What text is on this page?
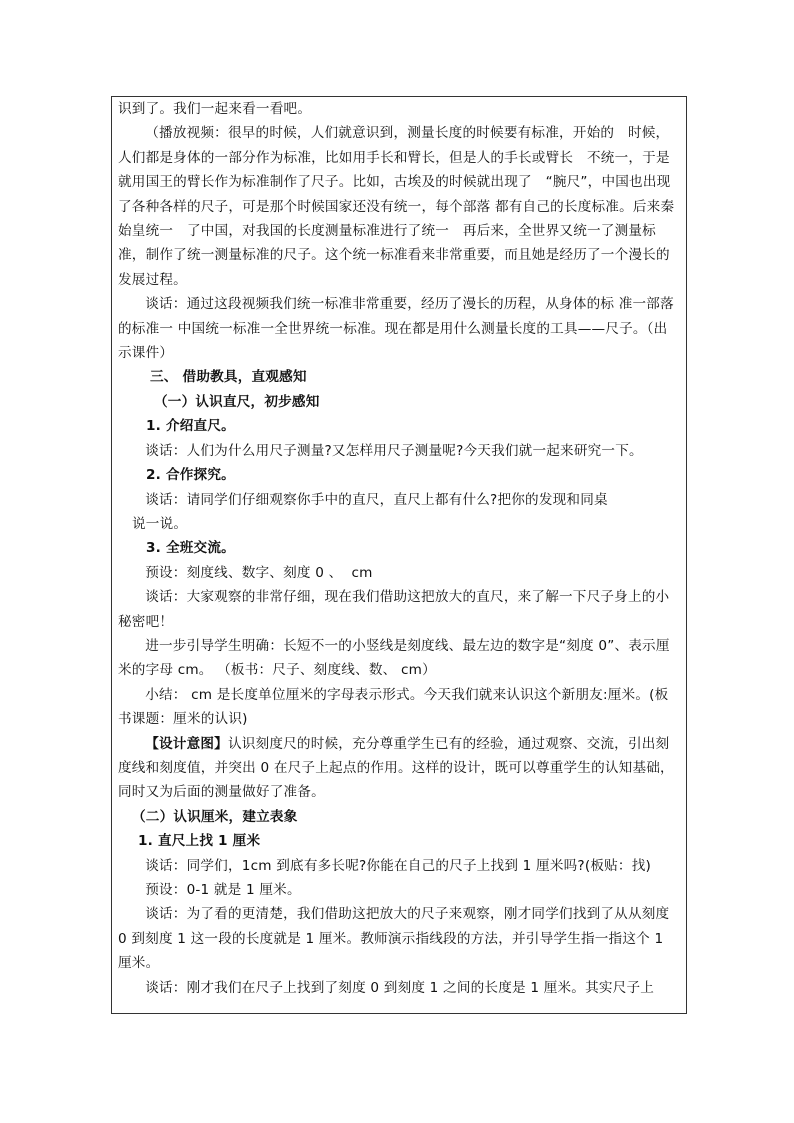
识到了。我们一起来看一看吧。

（播放视频：很早的时候，人们就意识到，测量长度的时候要有标准，开始的　时候，人们都是身体的一部分作为标准，比如用手长和臂长，但是人的手长或臂长　不统一，于是就用国王的臂长作为标准制作了尺子。比如，古埃及的时候就出现了　“腕尺”，中国也出现了各种各样的尺子，可是那个时候国家还没有统一，每个部落 都有自己的长度标准。后来秦始皇统一　了中国，对我国的长度测量标准进行了统一　再后来，全世界又统一了测量标准，制作了统一测量标准的尺子。这个统一标准看来非常重要，而且她是经历了一个漫长的发展过程。

谈话：通过这段视频我们统一标准非常重要，经历了漫长的历程，从身体的标 准一部落的标准一 中国统一标准一全世界统一标准。现在都是用什么测量长度的工具——尺子。（出示课件）

三、 借助教具，直观感知

（一）认识直尺，初步感知

1. 介绍直尺。

谈话：人们为什么用尺子测量?又怎样用尺子测量呢?今天我们就一起来研究一下。

2. 合作探究。

谈话：请同学们仔细观察你手中的直尺，直尺上都有什么?把你的发现和同桌

说一说。

3. 全班交流。

预设：刻度线、数字、刻度 0 、  cm

谈话：大家观察的非常仔细，现在我们借助这把放大的直尺，来了解一下尺子身上的小秘密吧！

进一步引导学生明确：长短不一的小竖线是刻度线、最左边的数字是“刻度 0”、表示厘米的字母 cm。 （板书：尺子、刻度线、数、 cm）

小结： cm 是长度单位厘米的字母表示形式。今天我们就来认识这个新朋友:厘米。(板书课题：厘米的认识)

【设计意图】认识刻度尺的时候，充分尊重学生已有的经验，通过观察、交流，引出刻度线和刻度值，并突出 0 在尺子上起点的作用。这样的设计，既可以尊重学生的认知基础，同时又为后面的测量做好了准备。

（二）认识厘米，建立表象

1. 直尺上找 1 厘米

谈话：同学们，1cm 到底有多长呢?你能在自己的尺子上找到 1 厘米吗?(板贴：找)

预设：0-1 就是 1 厘米。

谈话：为了看的更清楚，我们借助这把放大的尺子来观察，刚才同学们找到了从从刻度 0 到刻度 1 这一段的长度就是 1 厘米。教师演示指线段的方法，并引导学生指一指这个 1 厘米。

谈话：刚才我们在尺子上找到了刻度 0 到刻度 1 之间的长度是 1 厘米。其实尺子上
